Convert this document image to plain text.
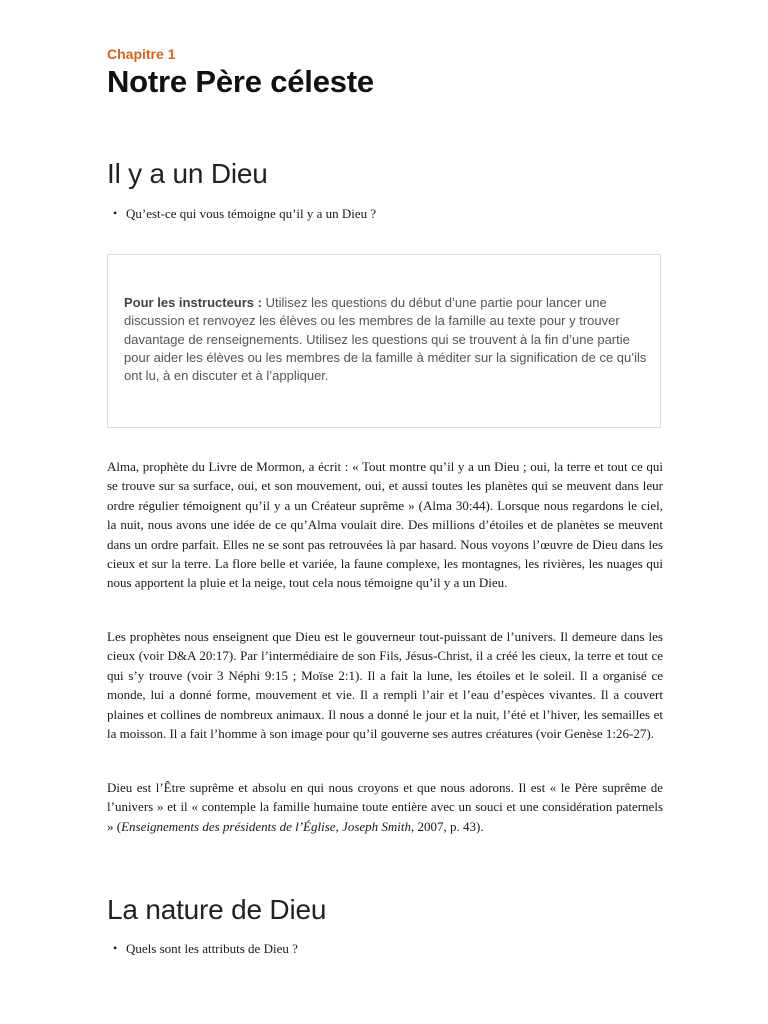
Chapitre 1
Notre Père céleste
Il y a un Dieu
• Qu’est-ce qui vous témoigne qu’il y a un Dieu ?

Pour les instructeurs : Utilisez les questions du début d’une partie pour lancer une discussion et renvoyez les élèves ou les membres de la famille au texte pour y trouver davantage de renseignements. Utilisez les questions qui se trouvent à la fin d’une partie pour aider les élèves ou les membres de la famille à méditer sur la signification de ce qu’ils ont lu, à en discuter et à l’appliquer.

Alma, prophète du Livre de Mormon, a écrit : « Tout montre qu’il y a un Dieu ; oui, la terre et tout ce qui se trouve sur sa surface, oui, et son mouvement, oui, et aussi toutes les planètes qui se meuvent dans leur ordre régulier témoignent qu’il y a un Créateur suprême » (Alma 30:44). Lorsque nous regardons le ciel, la nuit, nous avons une idée de ce qu’Alma voulait dire. Des millions d’étoiles et de planètes se meuvent dans un ordre parfait. Elles ne se sont pas retrouvées là par hasard. Nous voyons l’œuvre de Dieu dans les cieux et sur la terre. La flore belle et variée, la faune complexe, les montagnes, les rivières, les nuages qui nous apportent la pluie et la neige, tout cela nous témoigne qu’il y a un Dieu.

Les prophètes nous enseignent que Dieu est le gouverneur tout-puissant de l’univers. Il demeure dans les cieux (voir D&A 20:17). Par l’intermédiaire de son Fils, Jésus-Christ, il a créé les cieux, la terre et tout ce qui s’y trouve (voir 3 Néphi 9:15 ; Moïse 2:1). Il a fait la lune, les étoiles et le soleil. Il a organisé ce monde, lui a donné forme, mouvement et vie. Il a rempli l’air et l’eau d’espèces vivantes. Il a couvert plaines et collines de nombreux animaux. Il nous a donné le jour et la nuit, l’été et l’hiver, les semailles et la moisson. Il a fait l’homme à son image pour qu’il gouverne ses autres créatures (voir Genèse 1:26-27).

Dieu est l’Être suprême et absolu en qui nous croyons et que nous adorons. Il est « le Père suprême de l’univers » et il « contemple la famille humaine toute entière avec un souci et une considération paternels » (Enseignements des présidents de l’Église, Joseph Smith, 2007, p. 43).

La nature de Dieu
• Quels sont les attributs de Dieu ?
